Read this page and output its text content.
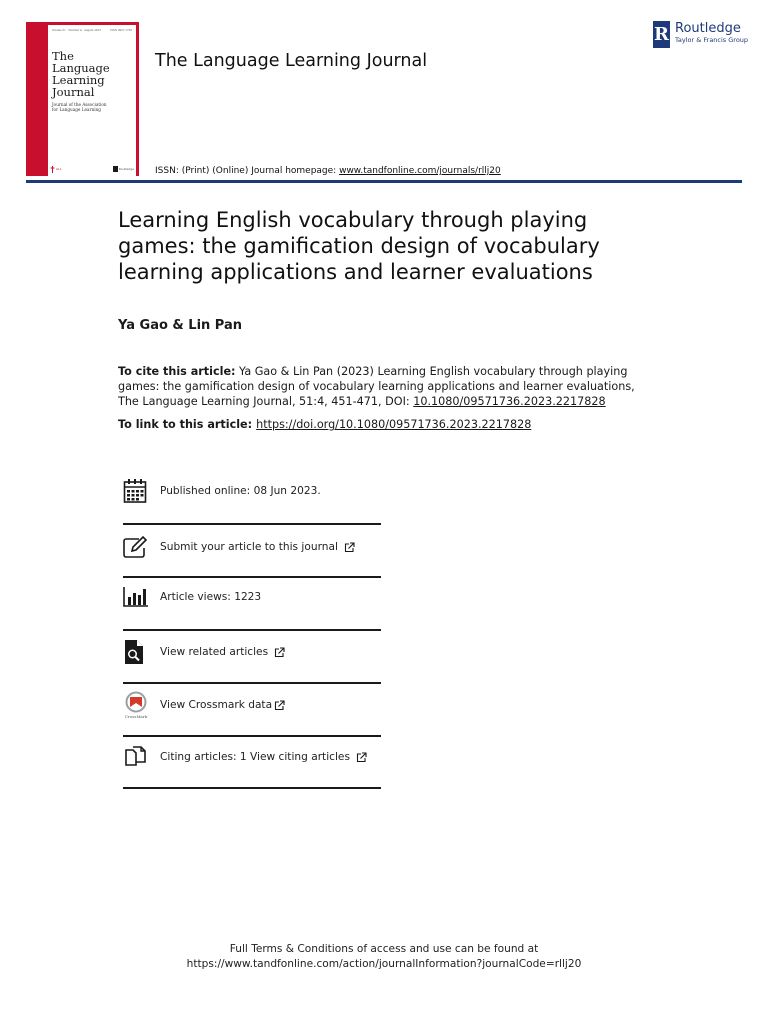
Volume 51 · Number 4 · August 2023	ISSN 0957-1736
The
Language
Learning
Journal
Journal of the Association
for Language Learning
ALL	Routledge
The Language Learning Journal
ISSN: (Print) (Online) Journal homepage: www.tandfonline.com/journals/rllj20
R Routledge
Taylor & Francis Group
Learning English vocabulary through playing
games: the gamification design of vocabulary
learning applications and learner evaluations
Ya Gao & Lin Pan
To cite this article: Ya Gao & Lin Pan (2023) Learning English vocabulary through playing
games: the gamification design of vocabulary learning applications and learner evaluations,
The Language Learning Journal, 51:4, 451-471, DOI: 10.1080/09571736.2023.2217828
To link to this article: https://doi.org/10.1080/09571736.2023.2217828
Published online: 08 Jun 2023.
Submit your article to this journal
Article views: 1223
View related articles
CrossMark
View Crossmark data
Citing articles: 1 View citing articles
Full Terms & Conditions of access and use can be found at
https://www.tandfonline.com/action/journalInformation?journalCode=rllj20
